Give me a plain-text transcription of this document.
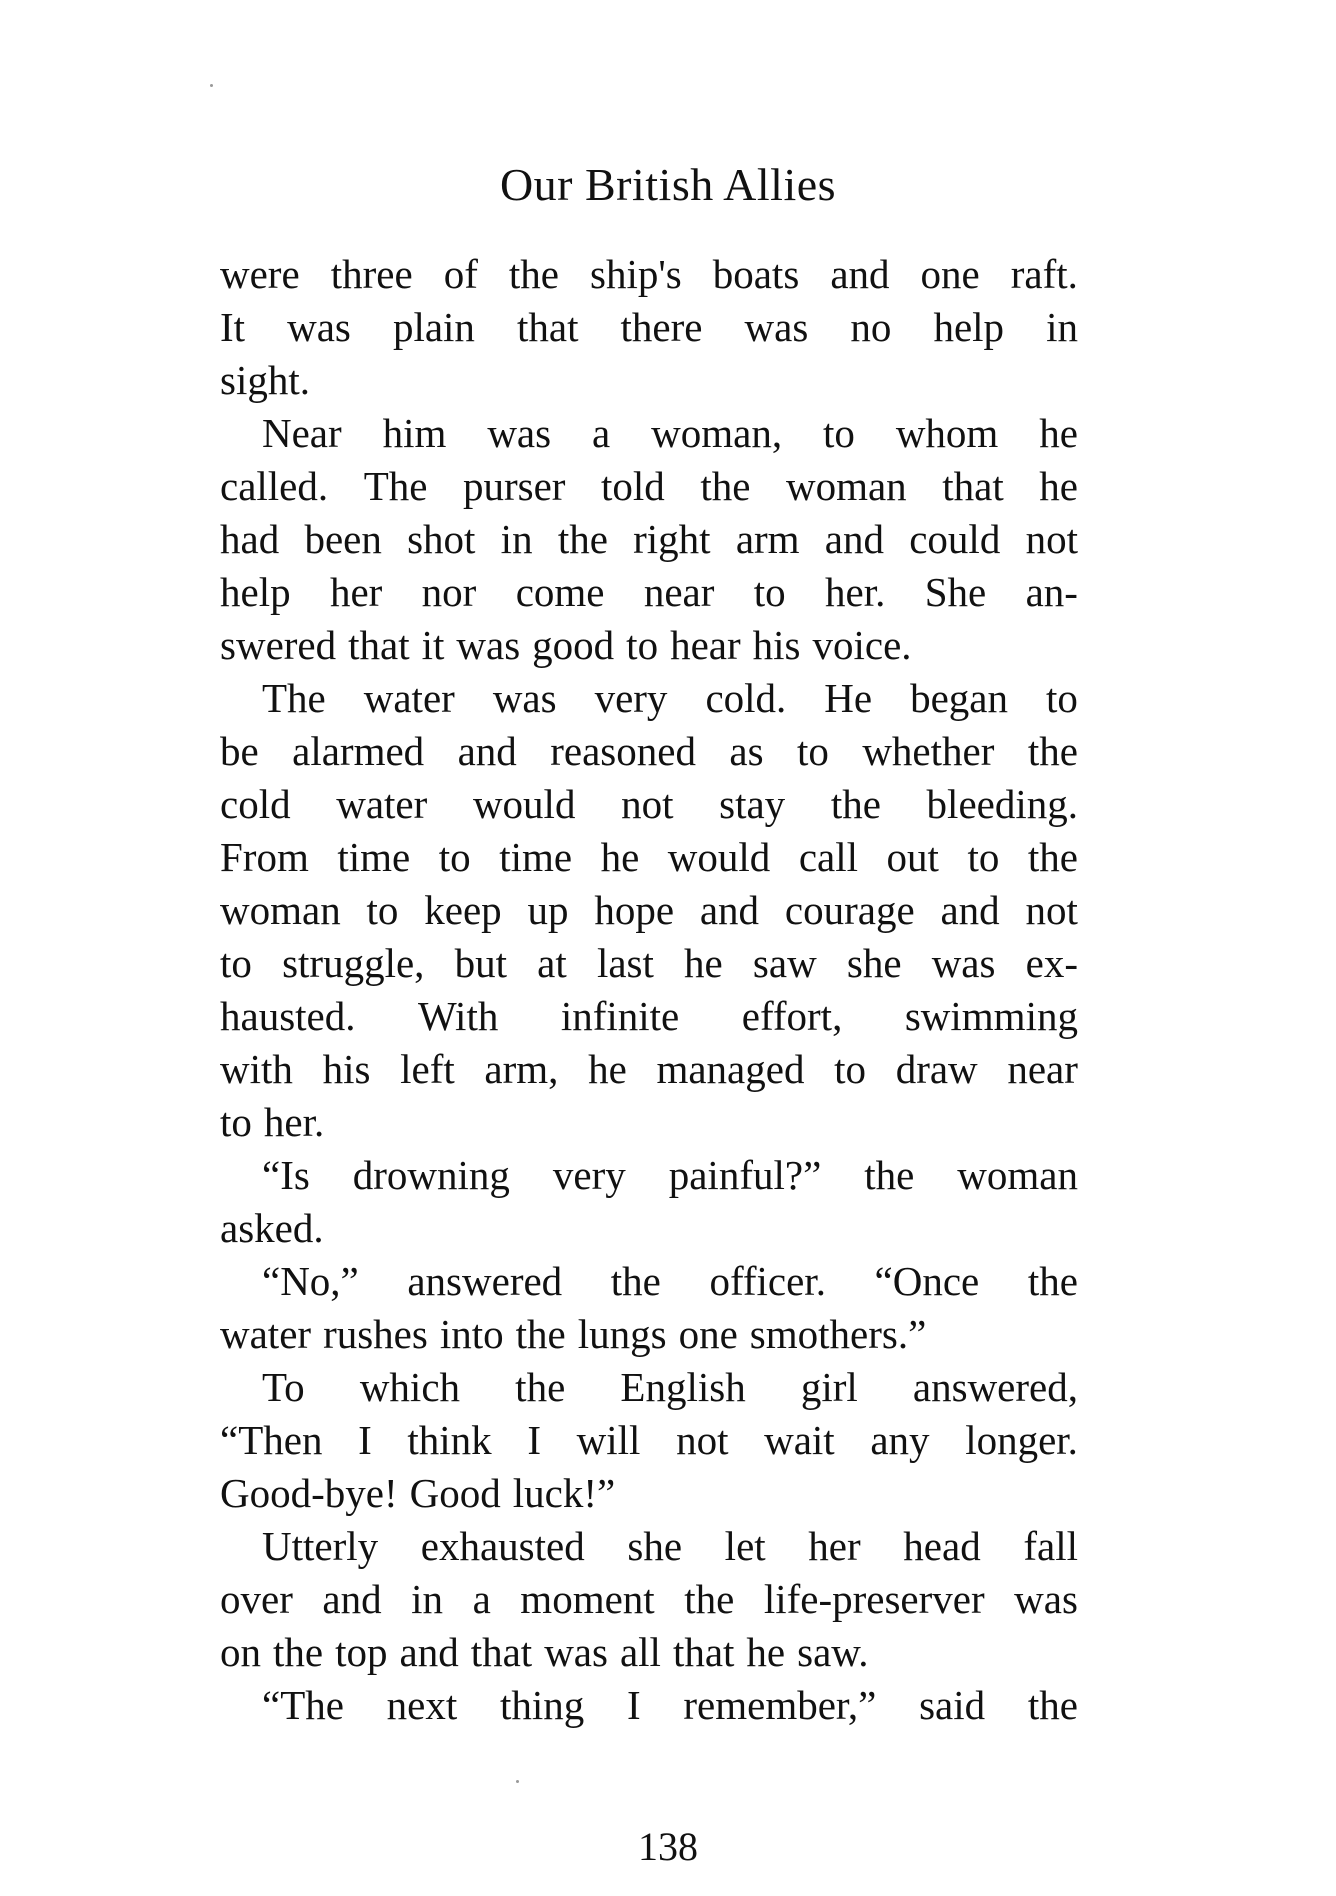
Our British Allies
were three of the ship's boats and one raft.
It was plain that there was no help in
sight.
Near him was a woman, to whom he
called. The purser told the woman that he
had been shot in the right arm and could not
help her nor come near to her. She an-
swered that it was good to hear his voice.
The water was very cold. He began to
be alarmed and reasoned as to whether the
cold water would not stay the bleeding.
From time to time he would call out to the
woman to keep up hope and courage and not
to struggle, but at last he saw she was ex-
hausted. With infinite effort, swimming
with his left arm, he managed to draw near
to her.
“Is drowning very painful?” the woman
asked.
“No,” answered the officer. “Once the
water rushes into the lungs one smothers.”
To which the English girl answered,
“Then I think I will not wait any longer.
Good-bye! Good luck!”
Utterly exhausted she let her head fall
over and in a moment the life-preserver was
on the top and that was all that he saw.
“The next thing I remember,” said the
138
